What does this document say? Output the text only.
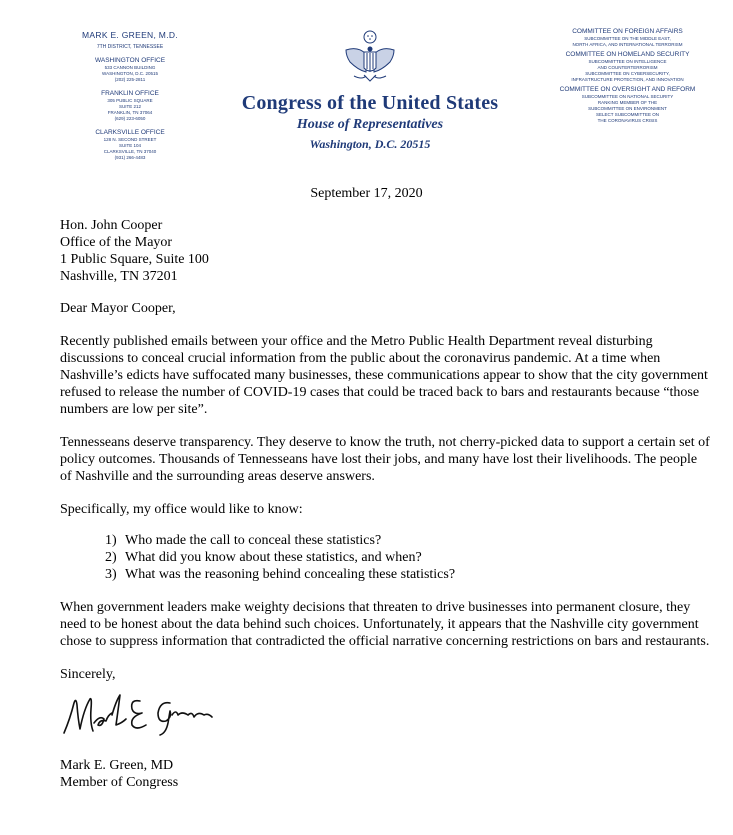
MARK E. GREEN, M.D.
7TH DISTRICT, TENNESSEE
WASHINGTON OFFICE
533 CANNON BUILDING
WASHINGTON, D.C. 20515
(202) 225-2811
FRANKLIN OFFICE
305 PUBLIC SQUARE
SUITE 212
FRANKLIN, TN 37064
(629) 223-6050
CLARKSVILLE OFFICE
128 N. SECOND STREET
SUITE 104
CLARKSVILLE, TN 37040
(931) 266-4483
Congress of the United States
House of Representatives
Washington, D.C. 20515
COMMITTEE ON FOREIGN AFFAIRS
SUBCOMMITTEE ON THE MIDDLE EAST,
NORTH AFRICA, AND INTERNATIONAL TERRORISM
COMMITTEE ON HOMELAND SECURITY
SUBCOMMITTEE ON INTELLIGENCE
AND COUNTERTERRORISM
SUBCOMMITTEE ON CYBERSECURITY,
INFRASTRUCTURE PROTECTION, AND INNOVATION
COMMITTEE ON OVERSIGHT AND REFORM
SUBCOMMITTEE ON NATIONAL SECURITY
RANKING MEMBER OF THE
SUBCOMMITTEE ON ENVIRONMENT
SELECT SUBCOMMITTEE ON
THE CORONAVIRUS CRISIS
September 17, 2020
Hon. John Cooper
Office of the Mayor
1 Public Square, Suite 100
Nashville, TN 37201

Dear Mayor Cooper,

Recently published emails between your office and the Metro Public Health Department reveal disturbing discussions to conceal crucial information from the public about the coronavirus pandemic. At a time when Nashville’s edicts have suffocated many businesses, these communications appear to show that the city government refused to release the number of COVID-19 cases that could be traced back to bars and restaurants because “those numbers are low per site”.

Tennesseans deserve transparency. They deserve to know the truth, not cherry-picked data to support a certain set of policy outcomes. Thousands of Tennesseans have lost their jobs, and many have lost their livelihoods. The people of Nashville and the surrounding areas deserve answers.

Specifically, my office would like to know:

1) Who made the call to conceal these statistics?
2) What did you know about these statistics, and when?
3) What was the reasoning behind concealing these statistics?

When government leaders make weighty decisions that threaten to drive businesses into permanent closure, they need to be honest about the data behind such choices. Unfortunately, it appears that the Nashville city government chose to suppress information that contradicted the official narrative concerning restrictions on bars and restaurants.

Sincerely,

Mark E. Green, MD
Member of Congress
